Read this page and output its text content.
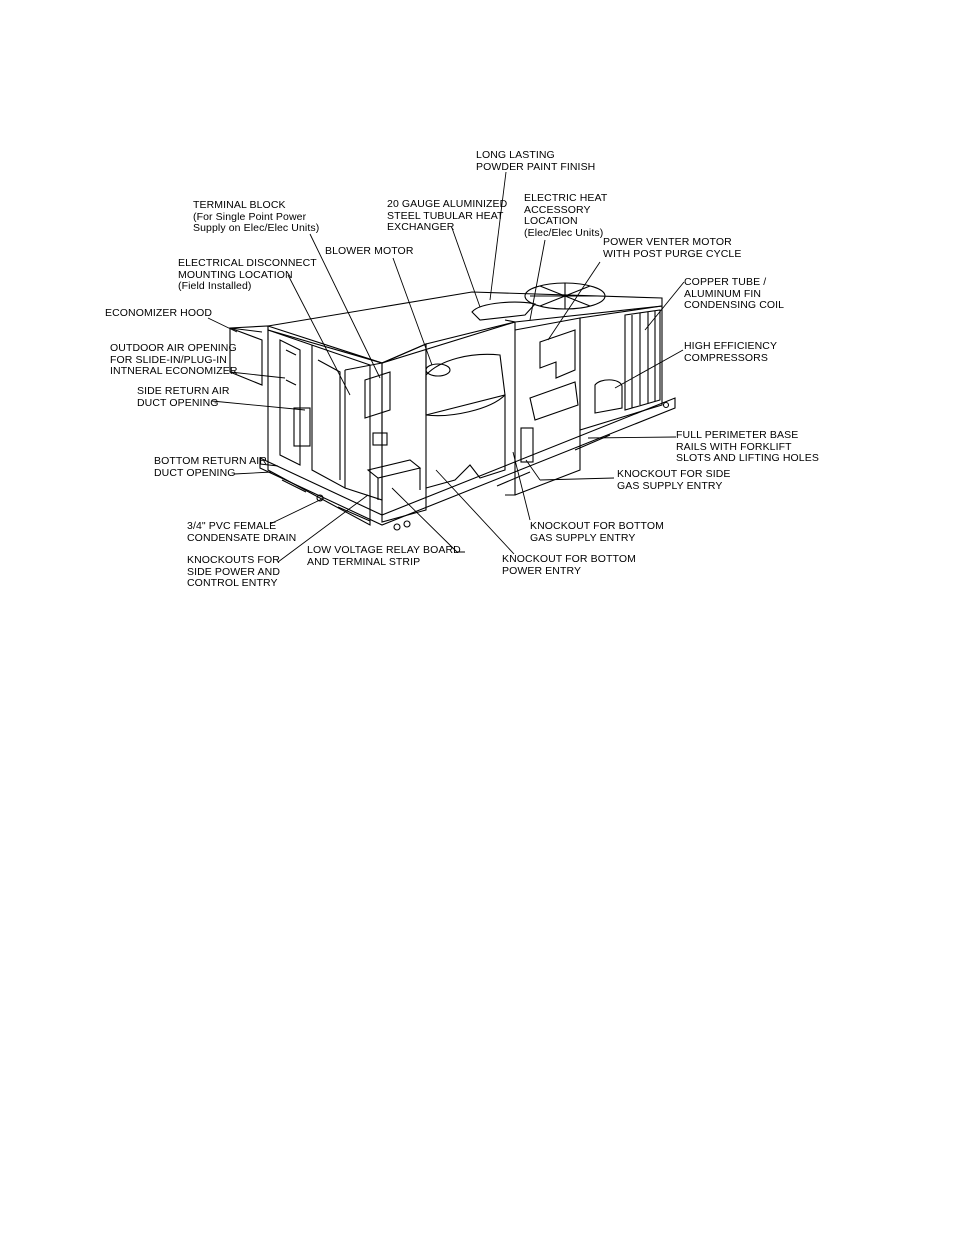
LONG LASTING
POWDER PAINT FINISH
TERMINAL BLOCK
(For Single Point Power
Supply on Elec/Elec Units)
20 GAUGE ALUMINIZED
STEEL TUBULAR HEAT
EXCHANGER
ELECTRIC HEAT
ACCESSORY
LOCATION
(Elec/Elec Units)
POWER VENTER MOTOR
WITH POST PURGE CYCLE
ELECTRICAL DISCONNECT
MOUNTING LOCATION
(Field Installed)
BLOWER MOTOR
COPPER TUBE /
ALUMINUM FIN
CONDENSING COIL
ECONOMIZER HOOD
OUTDOOR AIR OPENING
FOR SLIDE-IN/PLUG-IN
INTNERAL ECONOMIZER
HIGH EFFICIENCY
COMPRESSORS
SIDE RETURN AIR
DUCT OPENING
FULL PERIMETER BASE
RAILS WITH FORKLIFT
SLOTS AND LIFTING HOLES
BOTTOM RETURN AIR
DUCT OPENING	KNOCKOUT FOR SIDE
GAS SUPPLY ENTRY
3/4" PVC FEMALE
CONDENSATE DRAIN
KNOCKOUT FOR BOTTOM
GAS SUPPLY ENTRY
LOW VOLTAGE RELAY BOARD
AND TERMINAL STRIP
KNOCKOUTS FOR
SIDE POWER AND
CONTROL ENTRY
KNOCKOUT FOR BOTTOM
POWER ENTRY
